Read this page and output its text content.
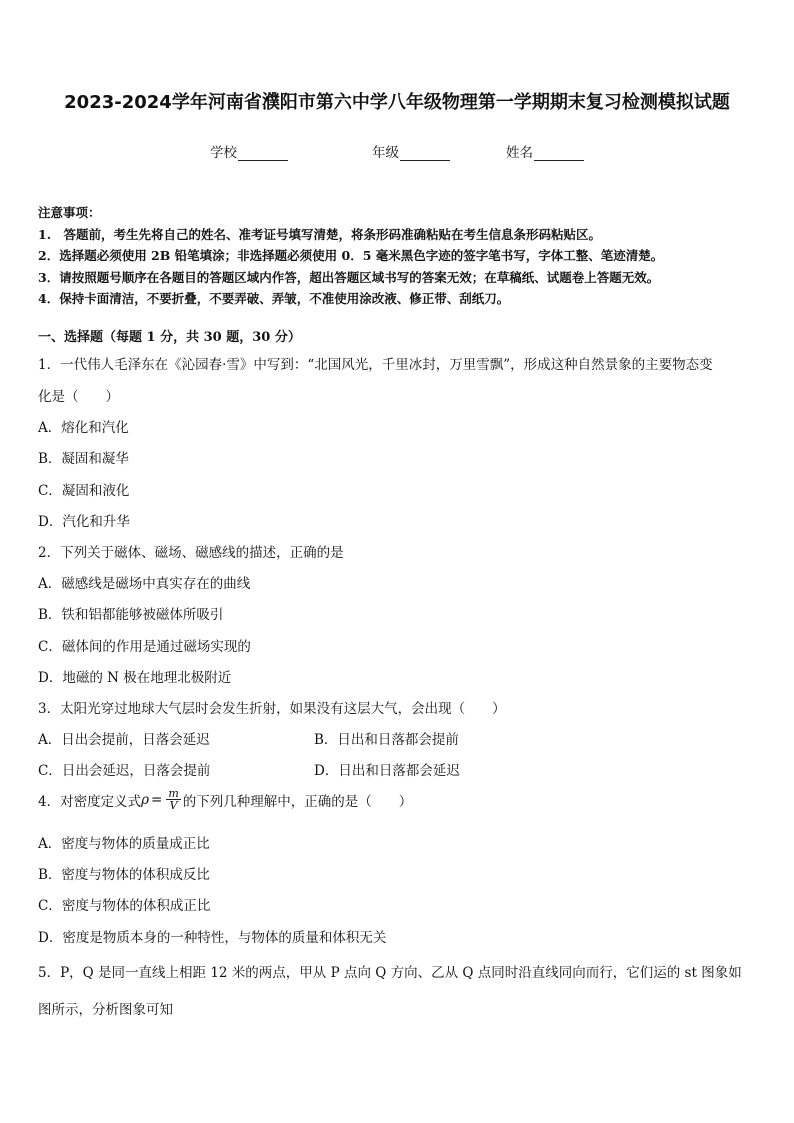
2023-2024学年河南省濮阳市第六中学八年级物理第一学期期末复习检测模拟试题
学校	年级	姓名
注意事项：
1.　答题前，考生先将自己的姓名、准考证号填写清楚，将条形码准确粘贴在考生信息条形码粘贴区。
2．选择题必须使用 2B 铅笔填涂；非选择题必须使用 0．5 毫米黑色字迹的签字笔书写，字体工整、笔迹清楚。
3．请按照题号顺序在各题目的答题区域内作答，超出答题区域书写的答案无效；在草稿纸、试题卷上答题无效。
4．保持卡面清洁，不要折叠，不要弄破、弄皱，不准使用涂改液、修正带、刮纸刀。
一、选择题（每题 1 分，共 30 题，30 分）
1．一代伟人毛泽东在《沁园春·雪》中写到：“北国风光，千里冰封，万里雪飘”，形成这种自然景象的主要物态变
化是（　　）
A．熔化和汽化
B．凝固和凝华
C．凝固和液化
D．汽化和升华
2．下列关于磁体、磁场、磁感线的描述，正确的是
A．磁感线是磁场中真实存在的曲线
B．铁和铝都能够被磁体所吸引
C．磁体间的作用是通过磁场实现的
D．地磁的 N 极在地理北极附近
3．太阳光穿过地球大气层时会发生折射，如果没有这层大气，会出现（　　）
A．日出会提前，日落会延迟	B．日出和日落都会提前
C．日出会延迟，日落会提前	D．日出和日落都会延迟
4．对密度定义式 $\rho = \frac{m}{V}$ 的下列几种理解中，正确的是（　　）
A．密度与物体的质量成正比
B．密度与物体的体积成反比
C．密度与物体的体积成正比
D．密度是物质本身的一种特性，与物体的质量和体积无关
5．P，Q 是同一直线上相距 12 米的两点，甲从 P 点向 Q 方向、乙从 Q 点同时沿直线同向而行，它们运的 st 图象如
图所示，分析图象可知
